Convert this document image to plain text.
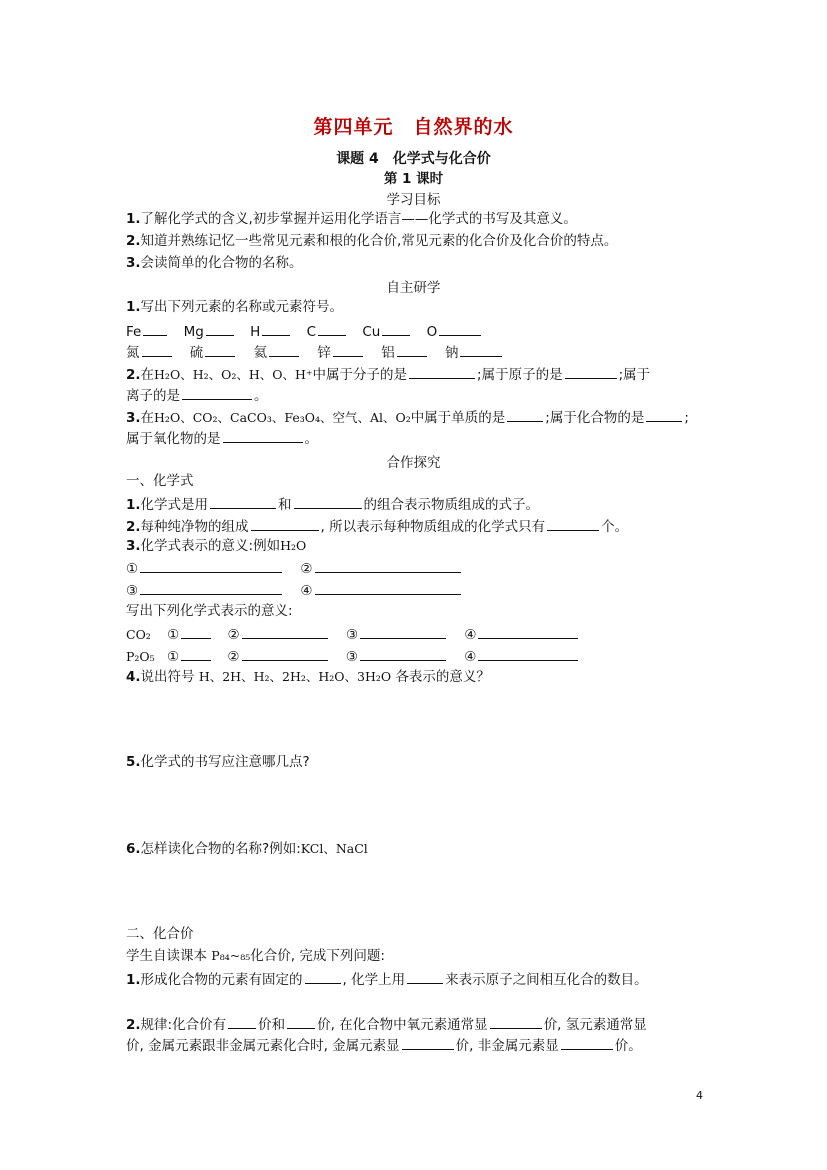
第四单元　自然界的水
课题 4　化学式与化合价
第 1 课时
学习目标
1.了解化学式的含义,初步掌握并运用化学语言——化学式的书写及其意义。
2.知道并熟练记忆一些常见元素和根的化合价,常见元素的化合价及化合价的特点。
3.会读简单的化合物的名称。
自主研学
1.写出下列元素的名称或元素符号。
Fe	Mg	H	C	Cu	O
氮	硫	氦	锌	铝	钠
2.在H₂O、H₂、O₂、H、O、H⁺中属于分子的是	;属于原子的是	;属于
离子的是	。
3.在H₂O、CO₂、CaCO₃、Fe₃O₄、空气、Al、O₂中属于单质的是	;属于化合物的是	;
属于氧化物的是	。
合作探究
一、化学式
1.化学式是用	和	的组合表示物质组成的式子。
2.每种纯净物的组成	, 所以表示每种物质组成的化学式只有	个。
3.化学式表示的意义:例如H₂O
①	②
③	④
写出下列化学式表示的意义:
CO₂ ①	②	③	④
P₂O₅ ①	②	③	④
4.说出符号 H、2H、H₂、2H₂、H₂O、3H₂O 各表示的意义？
5.化学式的书写应注意哪几点?
6.怎样读化合物的名称?例如:KCl、NaCl
二、化合价
学生自读课本 P₈₄~₈₅化合价, 完成下列问题:
1.形成化合物的元素有固定的	, 化学上用	来表示原子之间相互化合的数目。
2.规律:化合价有 价和 价, 在化合物中氧元素通常显	价, 氢元素通常显
价, 金属元素跟非金属元素化合时, 金属元素显	价, 非金属元素显	价。
4
